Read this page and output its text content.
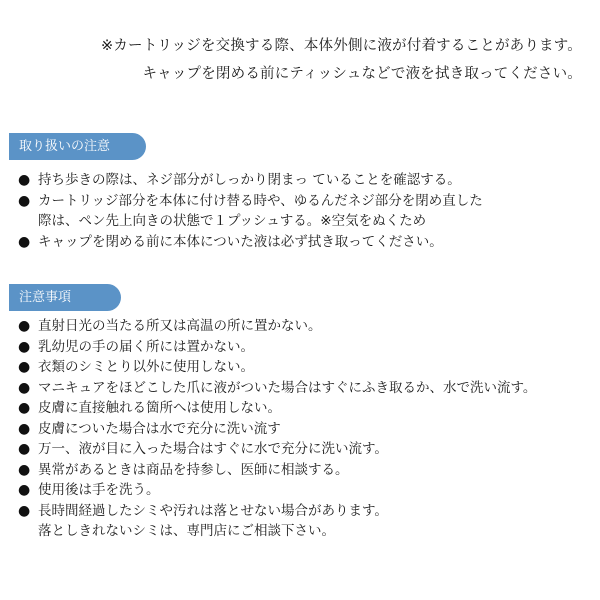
※カートリッジを交換する際、本体外側に液が付着することがあります。
キャップを閉める前にティッシュなどで液を拭き取ってください。
取り扱いの注意
● 持ち歩きの際は、ネジ部分がしっかり閉まっ ていることを確認する。
● カートリッジ部分を本体に付け替る時や、ゆるんだネジ部分を閉め直した
際は、ペン先上向きの状態で１プッシュする。※空気をぬくため
● キャップを閉める前に本体についた液は必ず拭き取ってください。
注意事項
● 直射日光の当たる所又は高温の所に置かない。
● 乳幼児の手の届く所には置かない。
● 衣類のシミとり以外に使用しない。
● マニキュアをほどこした爪に液がついた場合はすぐにふき取るか、水で洗い流す。
● 皮膚に直接触れる箇所へは使用しない。
● 皮膚についた場合は水で充分に洗い流す
● 万一、液が目に入った場合はすぐに水で充分に洗い流す。
● 異常があるときは商品を持参し、医師に相談する。
● 使用後は手を洗う。
● 長時間経過したシミや汚れは落とせない場合があります。
落としきれないシミは、専門店にご相談下さい。
